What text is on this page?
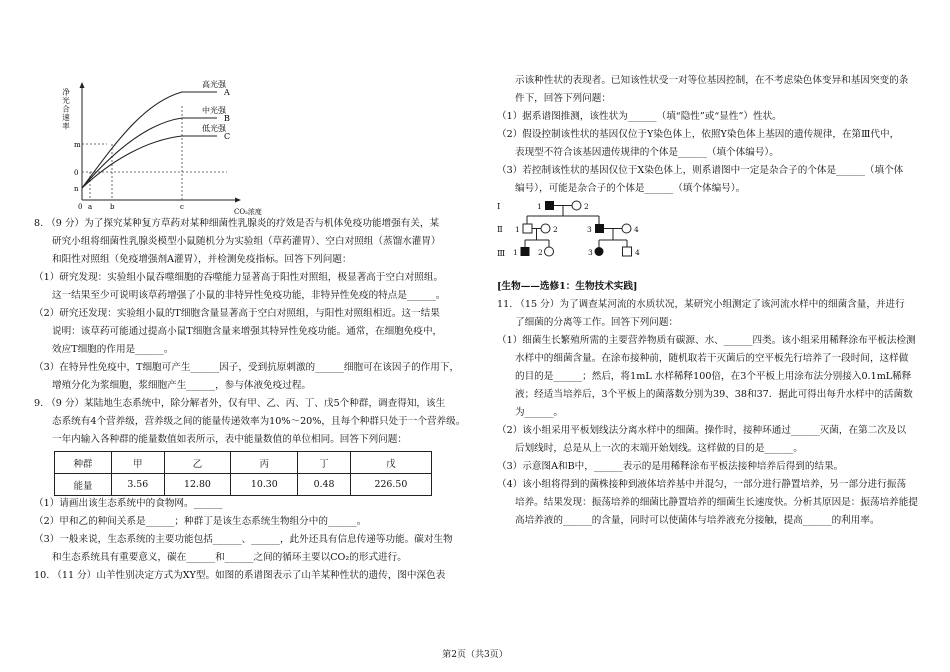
高光强
中光强
低光强
A
B
C
m
0
n
0 a	b	c
CO₂浓度
净光合速率

8. （9 分）为了探究某种复方草药对某种细菌性乳腺炎的疗效是否与机体免疫功能增强有关，某

研究小组将细菌性乳腺炎模型小鼠随机分为实验组（草药灌胃）、空白对照组（蒸馏水灌胃）

和阳性对照组（免疫增强剂A灌胃），并检测免疫指标。回答下列问题：

（1）研究发现：实验组小鼠吞噬细胞的吞噬能力显著高于阳性对照组，极显著高于空白对照组。

这一结果至少可说明该草药增强了小鼠的非特异性免疫功能，非特异性免疫的特点是______。

（2）研究还发现：实验组小鼠的T细胞含量显著高于空白对照组，与阳性对照组相近。这一结果

说明：该草药可能通过提高小鼠T细胞含量来增强其特异性免疫功能。通常，在细胞免疫中，

效应T细胞的作用是______。

（3）在特异性免疫中，T细胞可产生______因子，受到抗原刺激的______细胞可在该因子的作用下，

增殖分化为浆细胞，浆细胞产生______，参与体液免疫过程。

9. （9 分）某陆地生态系统中，除分解者外，仅有甲、乙、丙、丁、戊5个种群，调查得知，该生

态系统有4个营养级，营养级之间的能量传递效率为10%～20%，且每个种群只处于一个营养级。

一年内输入各种群的能量数值如表所示，表中能量数值的单位相同。回答下列问题：

种群	甲	乙	丙	丁	戊
能量	3.56	12.80	10.30	0.48	226.50

（1）请画出该生态系统中的食物网。______

（2）甲和乙的种间关系是______；种群丁是该生态系统生物组分中的______。

（3）一般来说，生态系统的主要功能包括______、______，此外还具有信息传递等功能。碳对生物

和生态系统具有重要意义，碳在______和______之间的循环主要以CO₂的形式进行。

10. （11 分）山羊性别决定方式为XY型。如图的系谱图表示了山羊某种性状的遗传，图中深色表

示该种性状的表现者。已知该性状受一对等位基因控制，在不考虑染色体变异和基因突变的条

件下，回答下列问题：

（1）据系谱图推测，该性状为______（填“隐性”或“显性”）性状。

（2）假设控制该性状的基因仅位于Y染色体上，依照Y染色体上基因的遗传规律，在第Ⅲ代中，

表现型不符合该基因遗传规律的个体是______（填个体编号）。

（3）若控制该性状的基因仅位于X染色体上，则系谱图中一定是杂合子的个体是______（填个体

编号），可能是杂合子的个体是______（填个体编号）。

Ⅰ
Ⅱ
Ⅲ
1	2
1	2	3	4
1	2	3	4

[生物——选修1：生物技术实践]

11. （15 分）为了调查某河流的水质状况，某研究小组测定了该河流水样中的细菌含量，并进行

了细菌的分离等工作。回答下列问题：

（1）细菌生长繁殖所需的主要营养物质有碳源、水、______四类。该小组采用稀释涂布平板法检测

水样中的细菌含量。在涂布接种前，随机取若干灭菌后的空平板先行培养了一段时间，这样做

的目的是______；然后，将1mL 水样稀释100倍，在3个平板上用涂布法分别接入0.1mL稀释

液；经适当培养后，3个平板上的菌落数分别为39、38和37．据此可得出每升水样中的活菌数

为______。

（2）该小组采用平板划线法分离水样中的细菌。操作时，接种环通过______灭菌，在第二次及以

后划线时，总是从上一次的末端开始划线。这样做的目的是______。

（3）示意图A和B中，______表示的是用稀释涂布平板法接种培养后得到的结果。

（4）该小组将得到的菌株接种到液体培养基中并混匀，一部分进行静置培养，另一部分进行振荡

培养。结果发现：振荡培养的细菌比静置培养的细菌生长速度快。分析其原因是：振荡培养能提

高培养液的______的含量，同时可以使菌体与培养液充分接触，提高______的利用率。

第2页（共3页）
